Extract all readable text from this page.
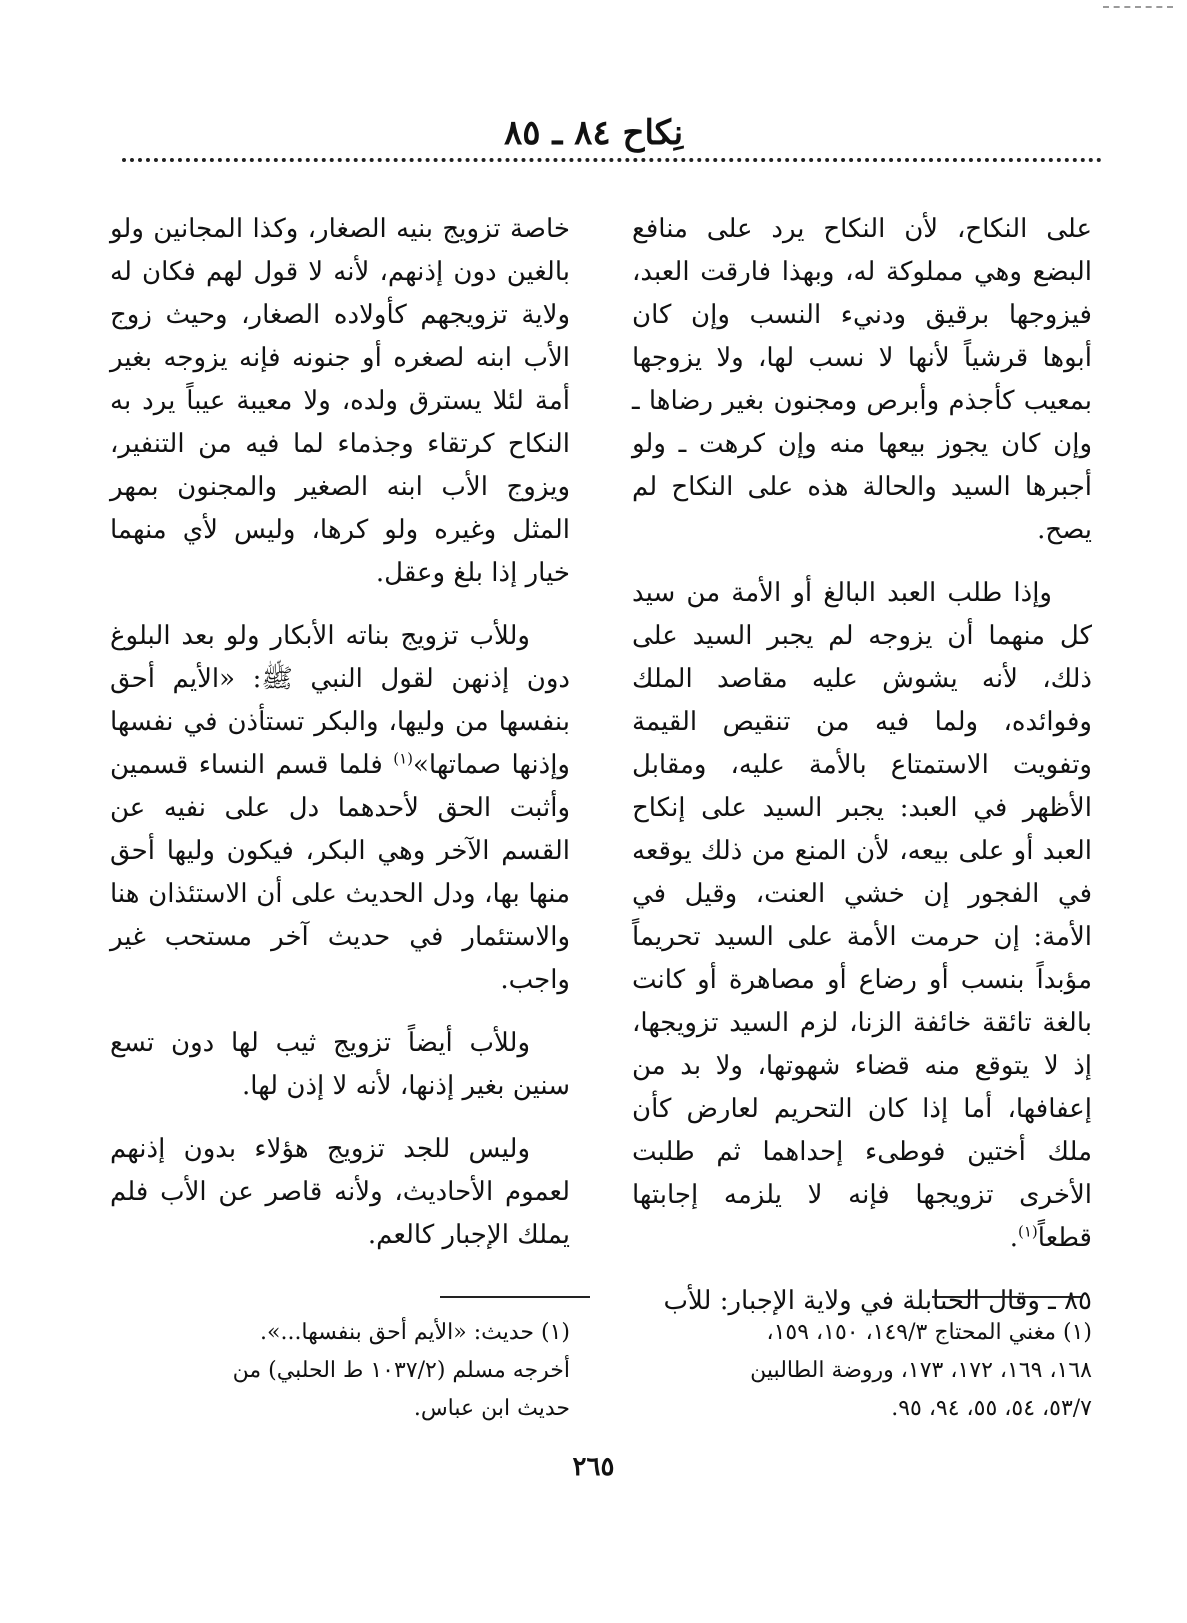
نِكاح ٨٤ ـ ٨٥

على النكاح، لأن النكاح يرد على منافع البضع وهي مملوكة له، وبهذا فارقت العبد، فيزوجها برقيق ودنيء النسب وإن كان أبوها قرشياً لأنها لا نسب لها، ولا يزوجها بمعيب كأجذم وأبرص ومجنون بغير رضاها ـ وإن كان يجوز بيعها منه وإن كرهت ـ ولو أجبرها السيد والحالة هذه على النكاح لم يصح.

وإذا طلب العبد البالغ أو الأمة من سيد كل منهما أن يزوجه لم يجبر السيد على ذلك، لأنه يشوش عليه مقاصد الملك وفوائده، ولما فيه من تنقيص القيمة وتفويت الاستمتاع بالأمة عليه، ومقابل الأظهر في العبد: يجبر السيد على إنكاح العبد أو على بيعه، لأن المنع من ذلك يوقعه في الفجور إن خشي العنت، وقيل في الأمة: إن حرمت الأمة على السيد تحريماً مؤبداً بنسب أو رضاع أو مصاهرة أو كانت بالغة تائقة خائفة الزنا، لزم السيد تزويجها، إذ لا يتوقع منه قضاء شهوتها، ولا بد من إعفافها، أما إذا كان التحريم لعارض كأن ملك أختين فوطىء إحداهما ثم طلبت الأخرى تزويجها فإنه لا يلزمه إجابتها قطعاً$^{(١)}$.

٨٥ ـ وقال الحنابلة في ولاية الإجبار: للأب

خاصة تزويج بنيه الصغار، وكذا المجانين ولو بالغين دون إذنهم، لأنه لا قول لهم فكان له ولاية تزويجهم كأولاده الصغار، وحيث زوج الأب ابنه لصغره أو جنونه فإنه يزوجه بغير أمة لئلا يسترق ولده، ولا معيبة عيباً يرد به النكاح كرتقاء وجذماء لما فيه من التنفير، ويزوج الأب ابنه الصغير والمجنون بمهر المثل وغيره ولو كرها، وليس لأي منهما خيار إذا بلغ وعقل.

وللأب تزويج بناته الأبكار ولو بعد البلوغ دون إذنهن لقول النبي ﷺ: «الأيم أحق بنفسها من وليها، والبكر تستأذن في نفسها وإذنها صماتها»$^{(١)}$ فلما قسم النساء قسمين وأثبت الحق لأحدهما دل على نفيه عن القسم الآخر وهي البكر، فيكون وليها أحق منها بها، ودل الحديث على أن الاستئذان هنا والاستئمار في حديث آخر مستحب غير واجب.

وللأب أيضاً تزويج ثيب لها دون تسع سنين بغير إذنها، لأنه لا إذن لها.

وليس للجد تزويج هؤلاء بدون إذنهم لعموم الأحاديث، ولأنه قاصر عن الأب فلم يملك الإجبار كالعم.

(١) مغني المحتاج ١٤٩/٣، ١٥٠، ١٥٩،
١٦٨، ١٦٩، ١٧٢، ١٧٣، وروضة الطالبين
٥٣/٧، ٥٤، ٥٥، ٩٤، ٩٥.
(١) حديث: «الأيم أحق بنفسها...».
أخرجه مسلم (١٠٣٧/٢ ط الحلبي) من
حديث ابن عباس.
٢٦٥
